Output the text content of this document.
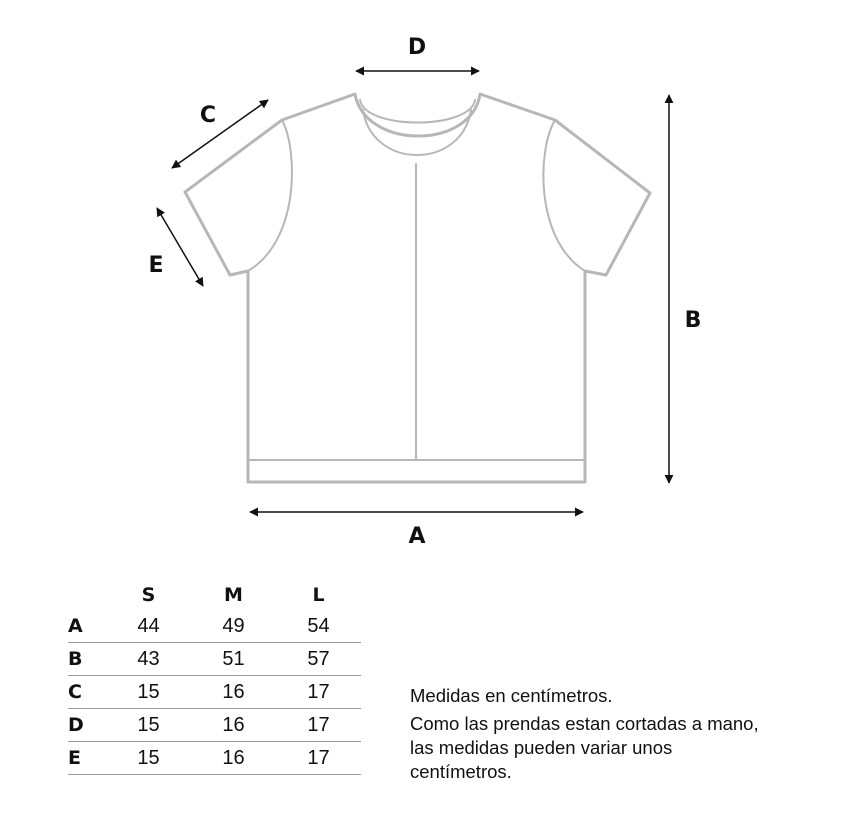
D
C
E
B
A
	S	M	L
A	44	49	54
B	43	51	57
C	15	16	17
D	15	16	17
E	15	16	17

Medidas en centímetros.

Como las prendas estan cortadas a mano, las medidas pueden variar unos centímetros.
